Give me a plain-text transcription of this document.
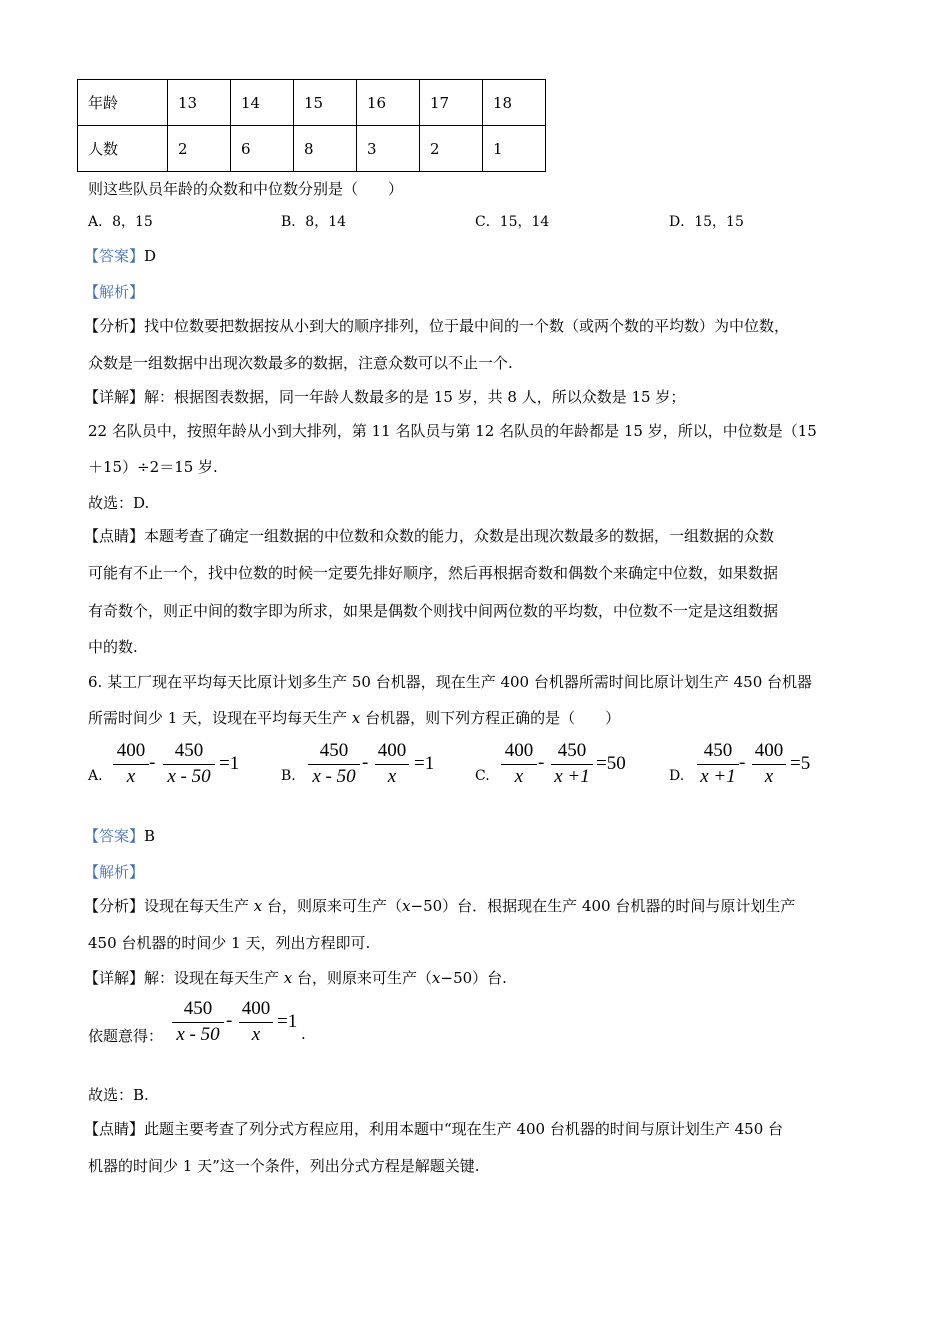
年龄	13	14	15	16	17	18
人数	2	6	8	3	2	1
则这些队员年龄的众数和中位数分别是（　　）
A．8，15	B．8，14	C．15，14	D．15，15
【答案】D
【解析】
【分析】找中位数要把数据按从小到大的顺序排列，位于最中间的一个数（或两个数的平均数）为中位数，
众数是一组数据中出现次数最多的数据，注意众数可以不止一个.
【详解】解：根据图表数据，同一年龄人数最多的是 15 岁，共 8 人，所以众数是 15 岁；
22 名队员中，按照年龄从小到大排列，第 11 名队员与第 12 名队员的年龄都是 15 岁，所以，中位数是（15
＋15）÷2＝15 岁.
故选：D.
【点睛】本题考查了确定一组数据的中位数和众数的能力，众数是出现次数最多的数据，一组数据的众数
可能有不止一个，找中位数的时候一定要先排好顺序，然后再根据奇数和偶数个来确定中位数，如果数据
有奇数个，则正中间的数字即为所求，如果是偶数个则找中间两位数的平均数，中位数不一定是这组数据
中的数.
6. 某工厂现在平均每天比原计划多生产 50 台机器，现在生产 400 台机器所需时间比原计划生产 450 台机器
所需时间少 1 天，设现在平均每天生产 x 台机器，则下列方程正确的是（　　）
A.
400
x
-
450
x - 50
=1
B.
450
x - 50
-
400
x
=1
C.
400
x
-
450
x +1
=50
D.
450
x +1
-
400
x
=5
【答案】B
【解析】
【分析】设现在每天生产 x 台，则原来可生产（x−50）台．根据现在生产 400 台机器的时间与原计划生产
450 台机器的时间少 1 天，列出方程即可.
【详解】解：设现在每天生产 x 台，则原来可生产（x−50）台.
依题意得：
450
x - 50
-
400
x
=1
.
故选：B.
【点睛】此题主要考查了列分式方程应用，利用本题中“现在生产 400 台机器的时间与原计划生产 450 台
机器的时间少 1 天”这一个条件，列出分式方程是解题关键.
